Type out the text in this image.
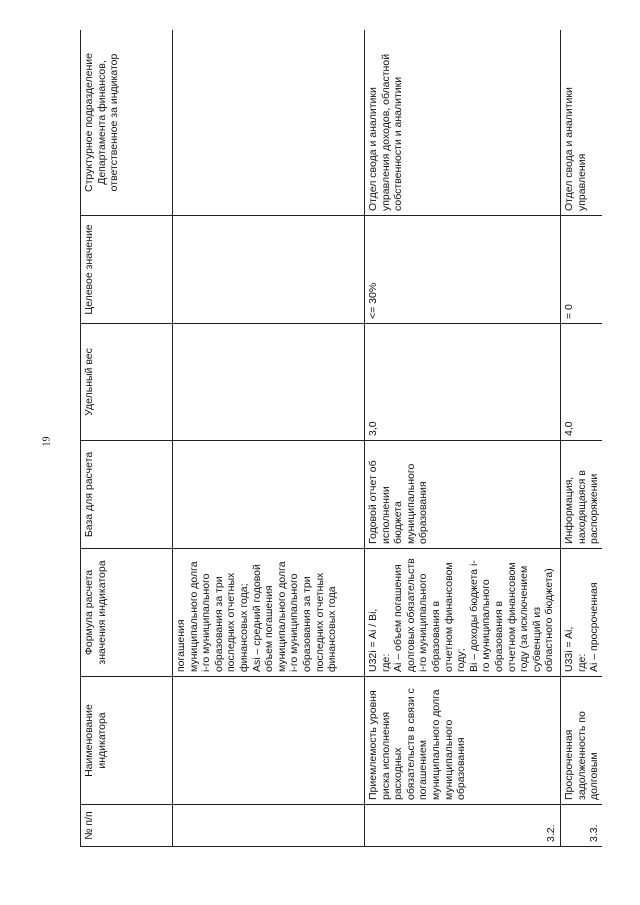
19
№ п/п	Наименование индикатора	Формула расчета значения индикатора	База для расчета	Удельный вес	Целевое значение	Структурное подразделение Департамента финансов, ответственное за индикатор

		погашения муниципального долга i-го муниципального образования за три последних отчетных финансовых года; Аsi – средний годовой объем погашения муниципального долга i-го муниципального образования за три последних отчетных финансовых года				

3.2.	Приемлемость уровня риска исполнения расходных обязательств в связи с погашением муниципального долга муниципального образования	U32i = Ai / Bi, где: Ai – объем погашения долговых обязательств i-го муниципального образования в отчетном финансовом году; Bi – доходы бюджета i-го муниципального образования в отчетном финансовом году (за исключением субвенций из областного бюджета)	Годовой отчет об исполнении бюджета муниципального образования	3,0	<= 30%	Отдел свода и аналитики управления доходов, областной собственности и аналитики
3.3.	Просроченная задолженность по долговым	U33i = Ai, где: Ai – просроченная	Информация, находящаяся в распоряжении	4,0	= 0	Отдел свода и аналитики управления
